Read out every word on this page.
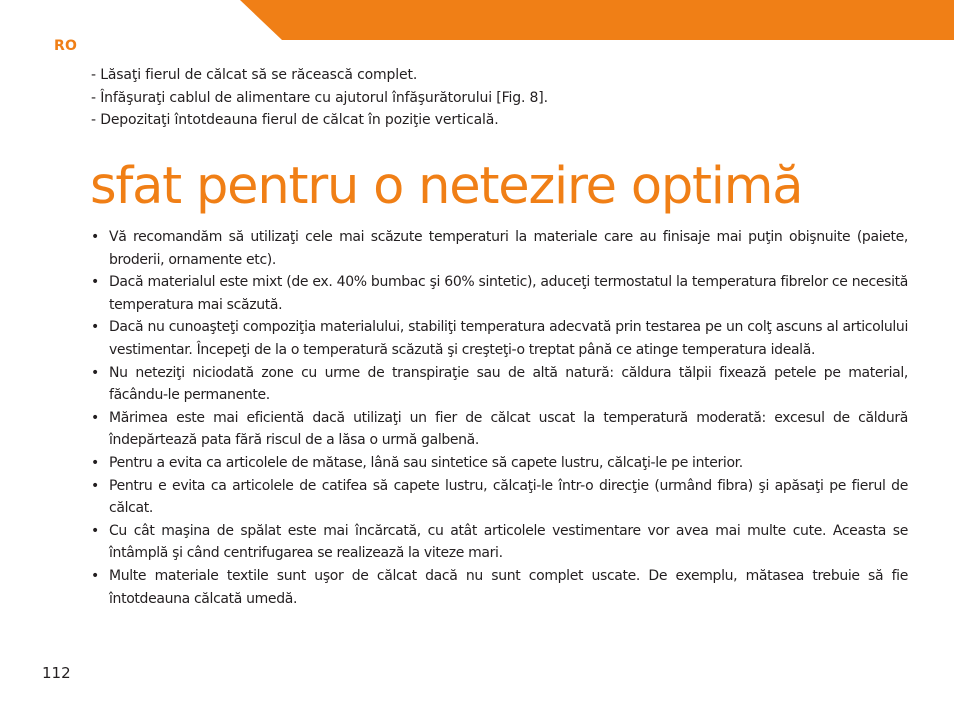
RO
- Lăsaţi fierul de călcat să se răcească complet.
- Înfăşuraţi cablul de alimentare cu ajutorul înfăşurătorului [Fig. 8].
- Depozitaţi întotdeauna fierul de călcat în poziţie verticală.
sfat pentru o netezire optimă
• Vă recomandăm să utilizaţi cele mai scăzute temperaturi la materiale care au finisaje mai puţin obişnuite (paiete, broderii, ornamente etc).
• Dacă materialul este mixt (de ex. 40% bumbac şi 60% sintetic), aduceţi termostatul la temperatura fibrelor ce necesită temperatura mai scăzută.
• Dacă nu cunoaşteţi compoziţia materialului, stabiliţi temperatura adecvată prin testarea pe un colţ ascuns al articolului vestimentar. Începeţi de la o temperatură scăzută şi creşteţi-o treptat până ce atinge temperatura ideală.
• Nu neteziţi niciodată zone cu urme de transpiraţie sau de altă natură: căldura tălpii fixează petele pe material, făcându-le permanente.
• Mărimea este mai eficientă dacă utilizaţi un fier de călcat uscat la temperatură moderată: excesul de căldură îndepărtează pata fără riscul de a lăsa o urmă galbenă.
• Pentru a evita ca articolele de mătase, lână sau sintetice să capete lustru, călcaţi-le pe interior.
• Pentru e evita ca articolele de catifea să capete lustru, călcaţi-le într-o direcţie (urmând fibra) şi apăsaţi pe fierul de călcat.
• Cu cât maşina de spălat este mai încărcată, cu atât articolele vestimentare vor avea mai multe cute. Aceasta se întâmplă şi când centrifugarea se realizează la viteze mari.
• Multe materiale textile sunt uşor de călcat dacă nu sunt complet uscate. De exemplu, mătasea trebuie să fie întotdeauna călcată umedă.
112
